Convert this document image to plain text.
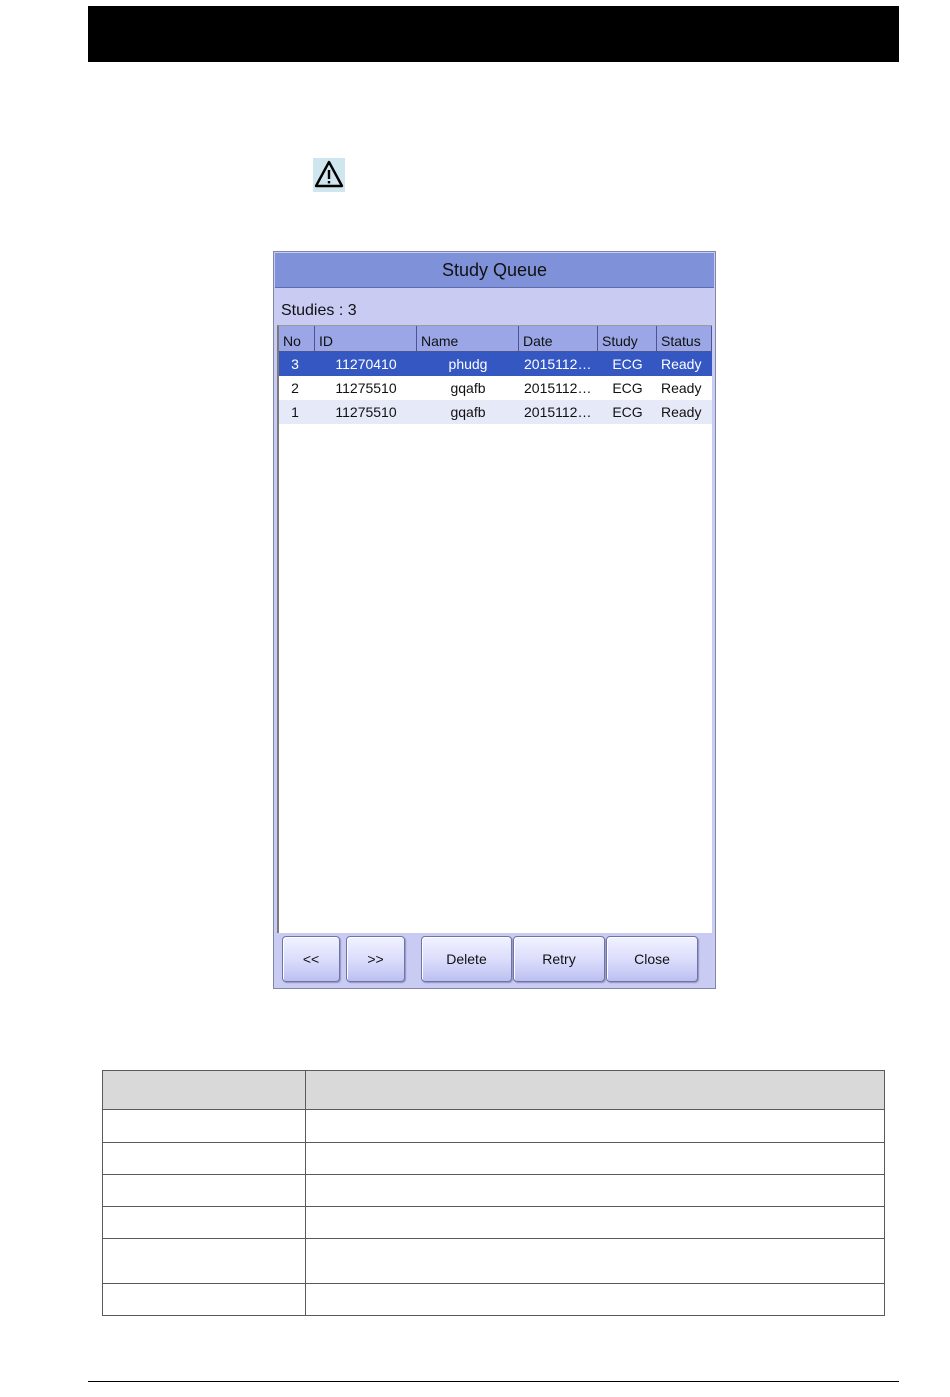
Study Queue
Studies : 3
No	ID	Name	Date	Study	Status
3	11270410	phudg	2015112…	ECG	Ready
2	11275510	gqafb	2015112…	ECG	Ready
1	11275510	gqafb	2015112…	ECG	Ready
<<	>>	Delete	Retry	Close
